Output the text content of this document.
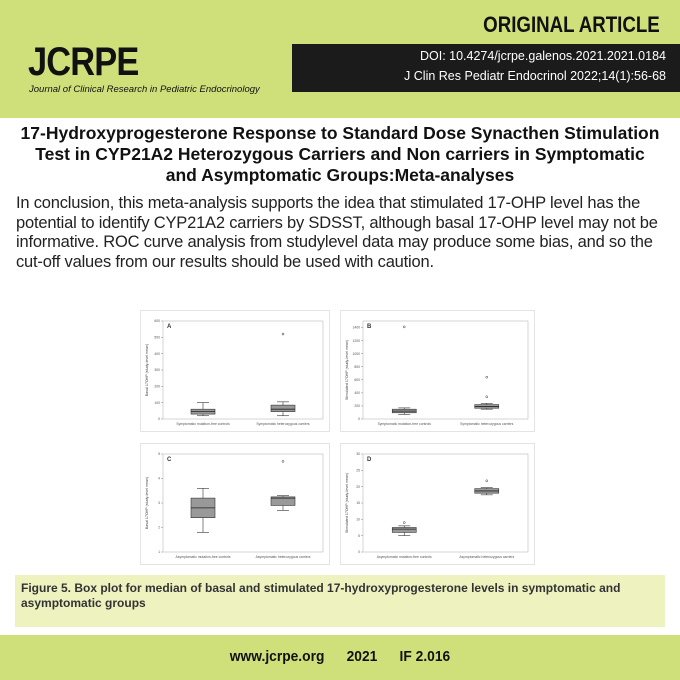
JCRPE
Journal of Clinical Research in Pediatric Endocrinology
ORIGINAL ARTICLE
DOI: 10.4274/jcrpe.galenos.2021.2021.0184
J Clin Res Pediatr Endocrinol 2022;14(1):56-68
17-Hydroxyprogesterone Response to Standard Dose Synacthen Stimulation Test in CYP21A2 Heterozygous Carriers and Non carriers in Symptomatic and Asymptomatic Groups:Meta-analyses
In conclusion, this meta-analysis supports the idea that stimulated 17-OHP level has the potential to identify CYP21A2 carriers by SDSST, although basal 17-OHP level may not be informative. ROC curve analysis from studylevel data may produce some bias, and so the cut-off values from our results should be used with caution.
A
Basal 17OHP (study-level mean)
0
100
200
300
400
500
600
Symptomatic mutation-free controls	Symptomatic heterozygous carriers
B
Stimulated 17OHP (study-level mean)
0
200
400
600
800
1000
1200
1400
Symptomatic mutation-free controls	Symptomatic heterozygous carriers
C
Basal 17OHP (study-level mean)
1
2
3
4
5
Asymptomatic mutation-free controls	Asymptomatic heterozygous carriers
D
Stimulated 17OHP (study-level mean)
0
5
10
15
20
25
30
Asymptomatic mutation-free controls	Asymptomatic heterozygous carriers
Figure 5. Box plot for median of basal and stimulated 17-hydroxyprogesterone levels in symptomatic and asymptomatic groups
www.jcrpe.org 2021 IF 2.016
